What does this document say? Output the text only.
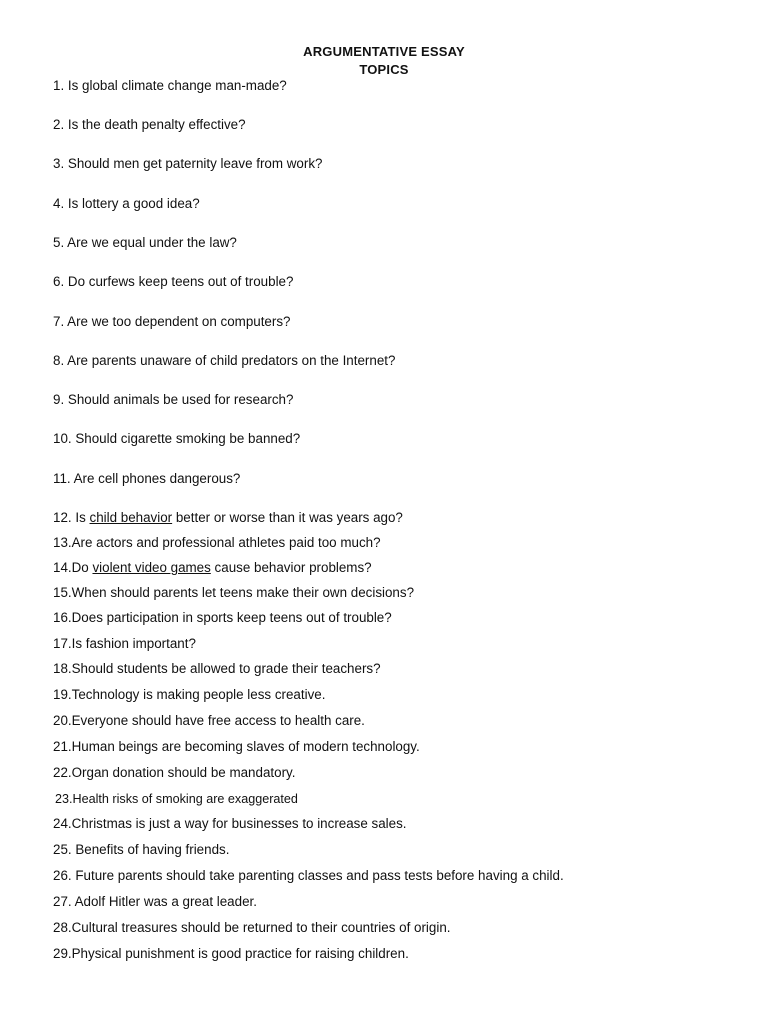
ARGUMENTATIVE ESSAY
TOPICS
1. Is global climate change man-made?
2. Is the death penalty effective?
3. Should men get paternity leave from work?
4. Is lottery a good idea?
5. Are we equal under the law?
6. Do curfews keep teens out of trouble?
7. Are we too dependent on computers?
8. Are parents unaware of child predators on the Internet?
9. Should animals be used for research?
10. Should cigarette smoking be banned?
11. Are cell phones dangerous?
12. Is child behavior better or worse than it was years ago?
13.Are actors and professional athletes paid too much?
14.Do violent video games cause behavior problems?
15.When should parents let teens make their own decisions?
16.Does participation in sports keep teens out of trouble?
17.Is fashion important?
18.Should students be allowed to grade their teachers?
19.Technology is making people less creative.
20.Everyone should have free access to health care.
21.Human beings are becoming slaves of modern technology.
22.Organ donation should be mandatory.
23.Health risks of smoking are exaggerated
24.Christmas is just a way for businesses to increase sales.
25. Benefits of having friends.
26. Future parents should take parenting classes and pass tests before having a child.
27. Adolf Hitler was a great leader.
28.Cultural treasures should be returned to their countries of origin.
29.Physical punishment is good practice for raising children.
